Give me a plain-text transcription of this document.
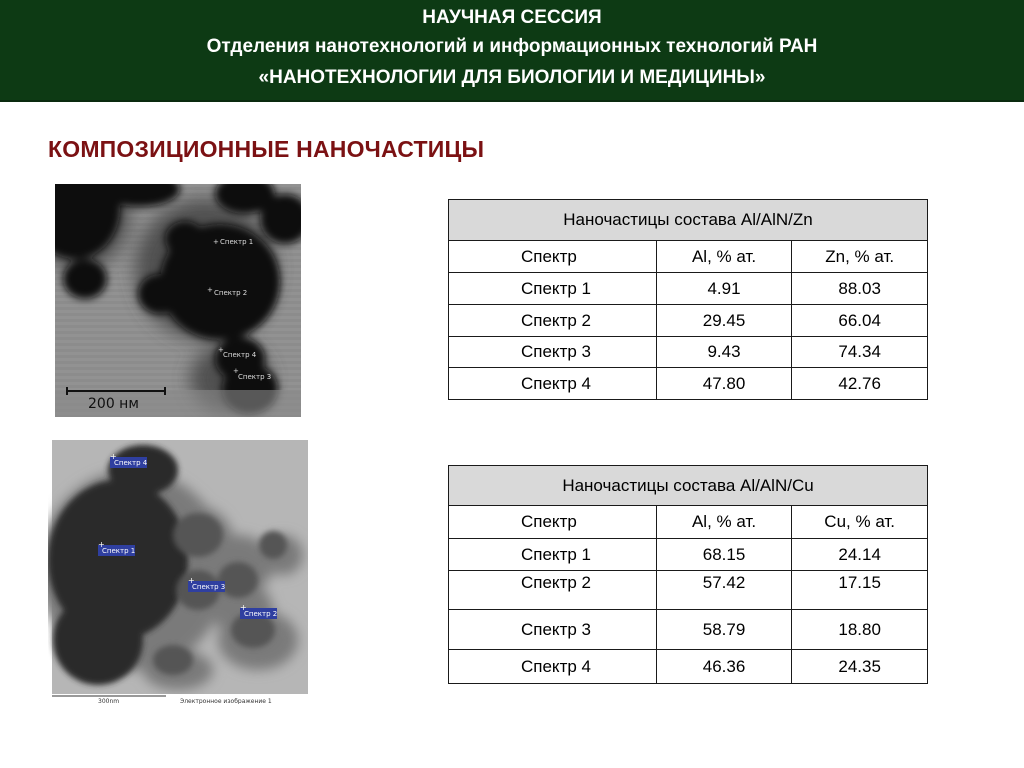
НАУЧНАЯ СЕССИЯ
Отделения нанотехнологий и информационных технологий РАН
«НАНОТЕХНОЛОГИИ ДЛЯ БИОЛОГИИ И МЕДИЦИНЫ»
КОМПОЗИЦИОННЫЕ НАНОЧАСТИЦЫ
+ Спектр 1
+ Спектр 2
+
Спектр 4
+
Спектр 3
200 нм
+
Спектр 4
+
Спектр 1
+
Спектр 3
+
Спектр 2
300nm	Электронное изображение 1
Наночастицы состава Al/AlN/Zn		
Спектр	Al, % ат.	Zn, % ат.
Спектр 1	4.91	88.03
Спектр 2	29.45	66.04
Спектр 3	9.43	74.34
Спектр 4	47.80	42.76
Наночастицы состава Al/AlN/Cu		
Спектр	Al, % ат.	Cu, % ат.
Спектр 1	68.15	24.14
Спектр 2	57.42	17.15
Спектр 3	58.79	18.80
Спектр 4	46.36	24.35
